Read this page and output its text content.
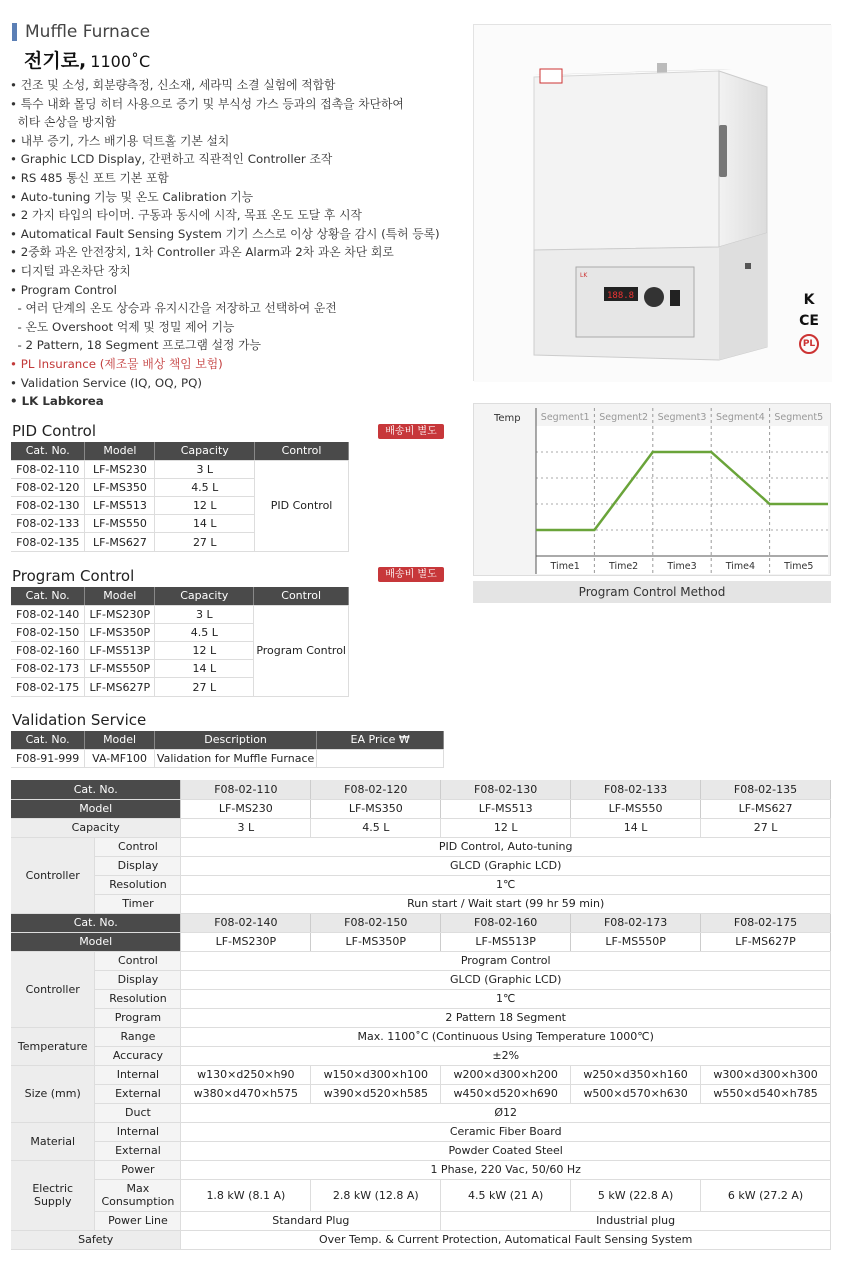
Muffle Furnace
전기로, 1100˚C
• 건조 및 소성, 회분량측정, 신소재, 세라믹 소결 실험에 적합함
• 특수 내화 몰딩 히터 사용으로 증기 및 부식성 가스 등과의 접촉을 차단하여
히타 손상을 방지함
• 내부 증기, 가스 배기용 덕트홀 기본 설치
• Graphic LCD Display, 간편하고 직관적인 Controller 조작
• RS 485 통신 포트 기본 포함
• Auto-tuning 기능 및 온도 Calibration 기능
• 2 가지 타입의 타이머. 구동과 동시에 시작, 목표 온도 도달 후 시작
• Automatical Fault Sensing System 기기 스스로 이상 상황을 감시 (특허 등록)
• 2중화 과온 안전장치, 1차 Controller 과온 Alarm과 2차 과온 차단 회로
• 디지털 과온차단 장치
• Program Control
- 여러 단계의 온도 상승과 유지시간을 저장하고 선택하여 운전
- 온도 Overshoot 억제 및 정밀 제어 기능
- 2 Pattern, 18 Segment 프로그램 설정 가능
• PL Insurance (제조물 배상 책임 보험)
• Validation Service (IQ, OQ, PQ)
• LK Labkorea
188.8
LK
K
CE
PL
Temp Segment1 Segment2 Segment3 Segment4 Segment5
Time1	Time2	Time3	Time4	Time5
Program Control Method
PID Control	배송비 별도
Cat. No.	Model	Capacity	Control
F08-02-110	LF-MS230	3 L	PID Control
F08-02-120	LF-MS350	4.5 L	
F08-02-130	LF-MS513	12 L	
F08-02-133	LF-MS550	14 L	
F08-02-135	LF-MS627	27 L	
Program Control	배송비 별도
Cat. No.	Model	Capacity	Control
F08-02-140	LF-MS230P	3 L	Program Control
F08-02-150	LF-MS350P	4.5 L	
F08-02-160	LF-MS513P	12 L	
F08-02-173	LF-MS550P	14 L	
F08-02-175	LF-MS627P	27 L	
Validation Service
Cat. No.	Model	Description	EA Price ₩
F08-91-999	VA-MF100	Validation for Muffle Furnace	
Cat. No.		F08-02-110	F08-02-120	F08-02-130	F08-02-133	F08-02-135
Model		LF-MS230	LF-MS350	LF-MS513	LF-MS550	LF-MS627
Capacity		3 L	4.5 L	12 L	14 L	27 L
Controller	Control	PID Control, Auto-tuning				
	Display	GLCD (Graphic LCD)				
	Resolution	1℃				
	Timer	Run start / Wait start (99 hr 59 min)				
Cat. No.		F08-02-140	F08-02-150	F08-02-160	F08-02-173	F08-02-175
Model		LF-MS230P	LF-MS350P	LF-MS513P	LF-MS550P	LF-MS627P
Controller	Control	Program Control				
	Display	GLCD (Graphic LCD)				
	Resolution	1℃				
	Program	2 Pattern 18 Segment				
Temperature	Range	Max. 1100˚C (Continuous Using Temperature 1000℃)				
	Accuracy	±2%				
Size (mm)	Internal	w130×d250×h90	w150×d300×h100	w200×d300×h200	w250×d350×h160	w300×d300×h300
	External	w380×d470×h575	w390×d520×h585	w450×d520×h690	w500×d570×h630	w550×d540×h785
	Duct	Ø12				
Material	Internal	Ceramic Fiber Board				
	External	Powder Coated Steel				

Electric
Supply	Power	1 Phase, 220 Vac, 50/60 Hz				

	Max
Consumption	1.8 kW (8.1 A)	2.8 kW (12.8 A)	4.5 kW (21 A)	5 kW (22.8 A)	6 kW (27.2 A)
	Power Line	Standard Plug		Industrial plug		
Safety		Over Temp. & Current Protection, Automatical Fault Sensing System				
